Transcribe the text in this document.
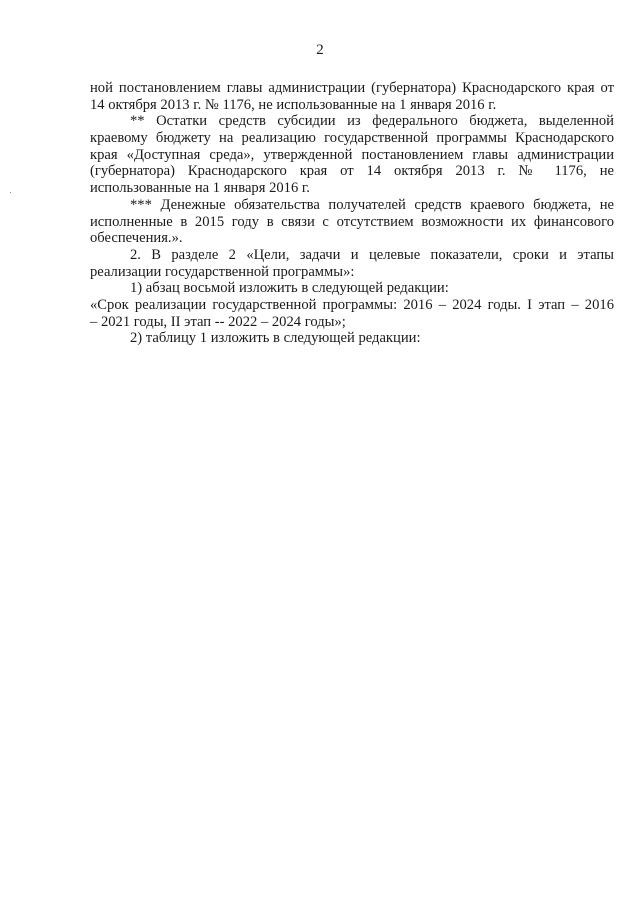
2
ной постановлением главы администрации (губернатора) Краснодарского края от
14 октября 2013 г. № 1176, не использованные на 1 января 2016 г.
** Остатки средств субсидии из федерального бюджета, выделенной
краевому бюджету на реализацию государственной программы Краснодарского
края «Доступная среда», утвержденной постановлением главы администрации
(губернатора) Краснодарского края от 14 октября 2013 г. № 1176, не
использованные на 1 января 2016 г.
*** Денежные обязательства получателей средств краевого бюджета, не
исполненные в 2015 году в связи с отсутствием возможности их финансового
обеспечения.».
2. В разделе 2 «Цели, задачи и целевые показатели, сроки и этапы
реализации государственной программы»:
1) абзац восьмой изложить в следующей редакции:
«Срок реализации государственной программы: 2016 – 2024 годы. I этап – 2016
– 2021 годы, II этап -- 2022 – 2024 годы»;
2) таблицу 1 изложить в следующей редакции:
